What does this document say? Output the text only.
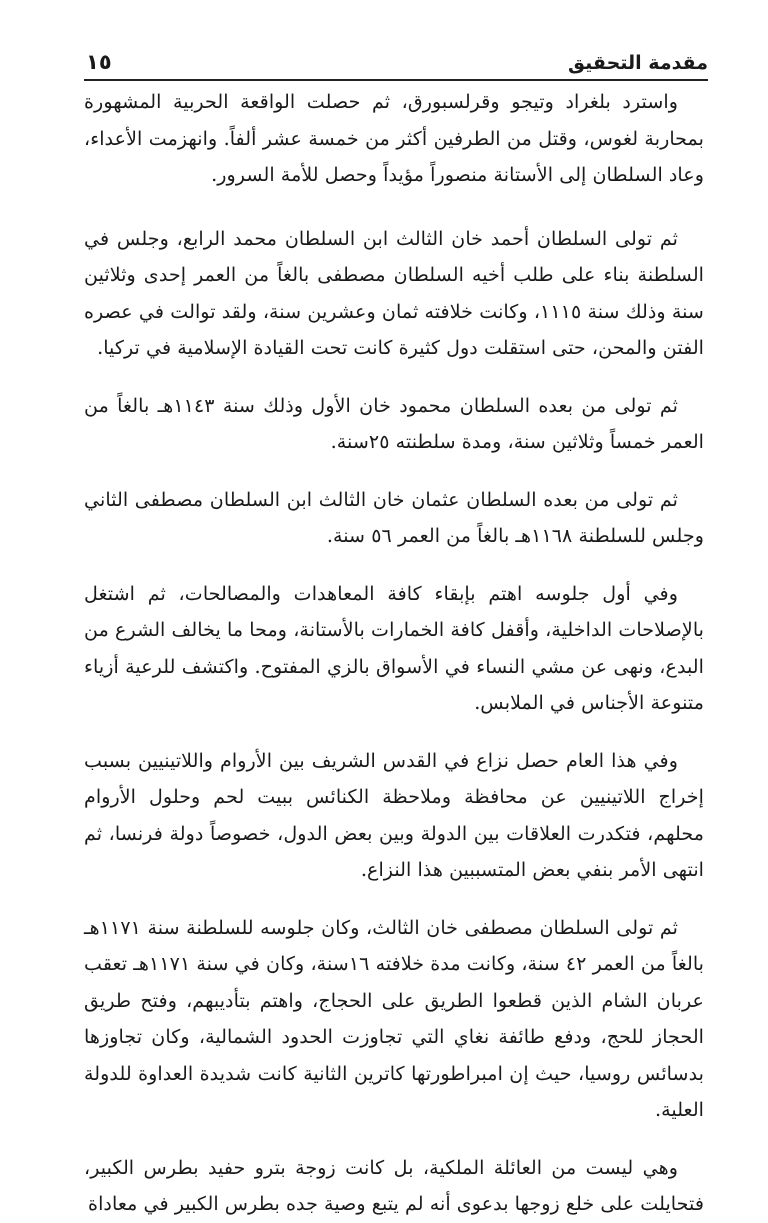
١٥	مقدمة التحقيق

واسترد بلغراد وتيجو وقرلسبورق، ثم حصلت الواقعة الحربية المشهورة بمحاربة لغوس، وقتل من الطرفين أكثر من خمسة عشر ألفاً. وانهزمت الأعداء، وعاد السلطان إلى الأستانة منصوراً مؤيداً وحصل للأمة السرور.

ثم تولى السلطان أحمد خان الثالث ابن السلطان محمد الرابع، وجلس في السلطنة بناء على طلب أخيه السلطان مصطفى بالغاً من العمر إحدى وثلاثين سنة وذلك سنة ١١١٥، وكانت خلافته ثمان وعشرين سنة، ولقد توالت في عصره الفتن والمحن، حتى استقلت دول كثيرة كانت تحت القيادة الإسلامية في تركيا.

ثم تولى من بعده السلطان محمود خان الأول وذلك سنة ١١٤٣هـ بالغاً من العمر خمساً وثلاثين سنة، ومدة سلطنته ٢٥سنة.

ثم تولى من بعده السلطان عثمان خان الثالث ابن السلطان مصطفى الثاني وجلس للسلطنة ١١٦٨هـ بالغاً من العمر ٥٦ سنة.

وفي أول جلوسه اهتم بإبقاء كافة المعاهدات والمصالحات، ثم اشتغل بالإصلاحات الداخلية، وأقفل كافة الخمارات بالأستانة، ومحا ما يخالف الشرع من البدع، ونهى عن مشي النساء في الأسواق بالزي المفتوح. واكتشف للرعية أزياء متنوعة الأجناس في الملابس.

وفي هذا العام حصل نزاع في القدس الشريف بين الأروام واللاتينيين بسبب إخراج اللاتينيين عن محافظة وملاحظة الكنائس ببيت لحم وحلول الأروام محلهم، فتكدرت العلاقات بين الدولة وبين بعض الدول، خصوصاً دولة فرنسا، ثم انتهى الأمر بنفي بعض المتسببين هذا النزاع.

ثم تولى السلطان مصطفى خان الثالث، وكان جلوسه للسلطنة سنة ١١٧١هـ بالغاً من العمر ٤٢ سنة، وكانت مدة خلافته ١٦سنة، وكان في سنة ١١٧١هـ تعقب عربان الشام الذين قطعوا الطريق على الحجاج، واهتم بتأديبهم، وفتح طريق الحجاز للحج، ودفع طائفة نغاي التي تجاوزت الحدود الشمالية، وكان تجاوزها بدسائس روسيا، حيث إن امبراطورتها كاترين الثانية كانت شديدة العداوة للدولة العلية.

وهي ليست من العائلة الملكية، بل كانت زوجة بترو حفيد بطرس الكبير، فتحايلت على خلع زوجها بدعوى أنه لم يتبع وصية جده بطرس الكبير في معاداة
